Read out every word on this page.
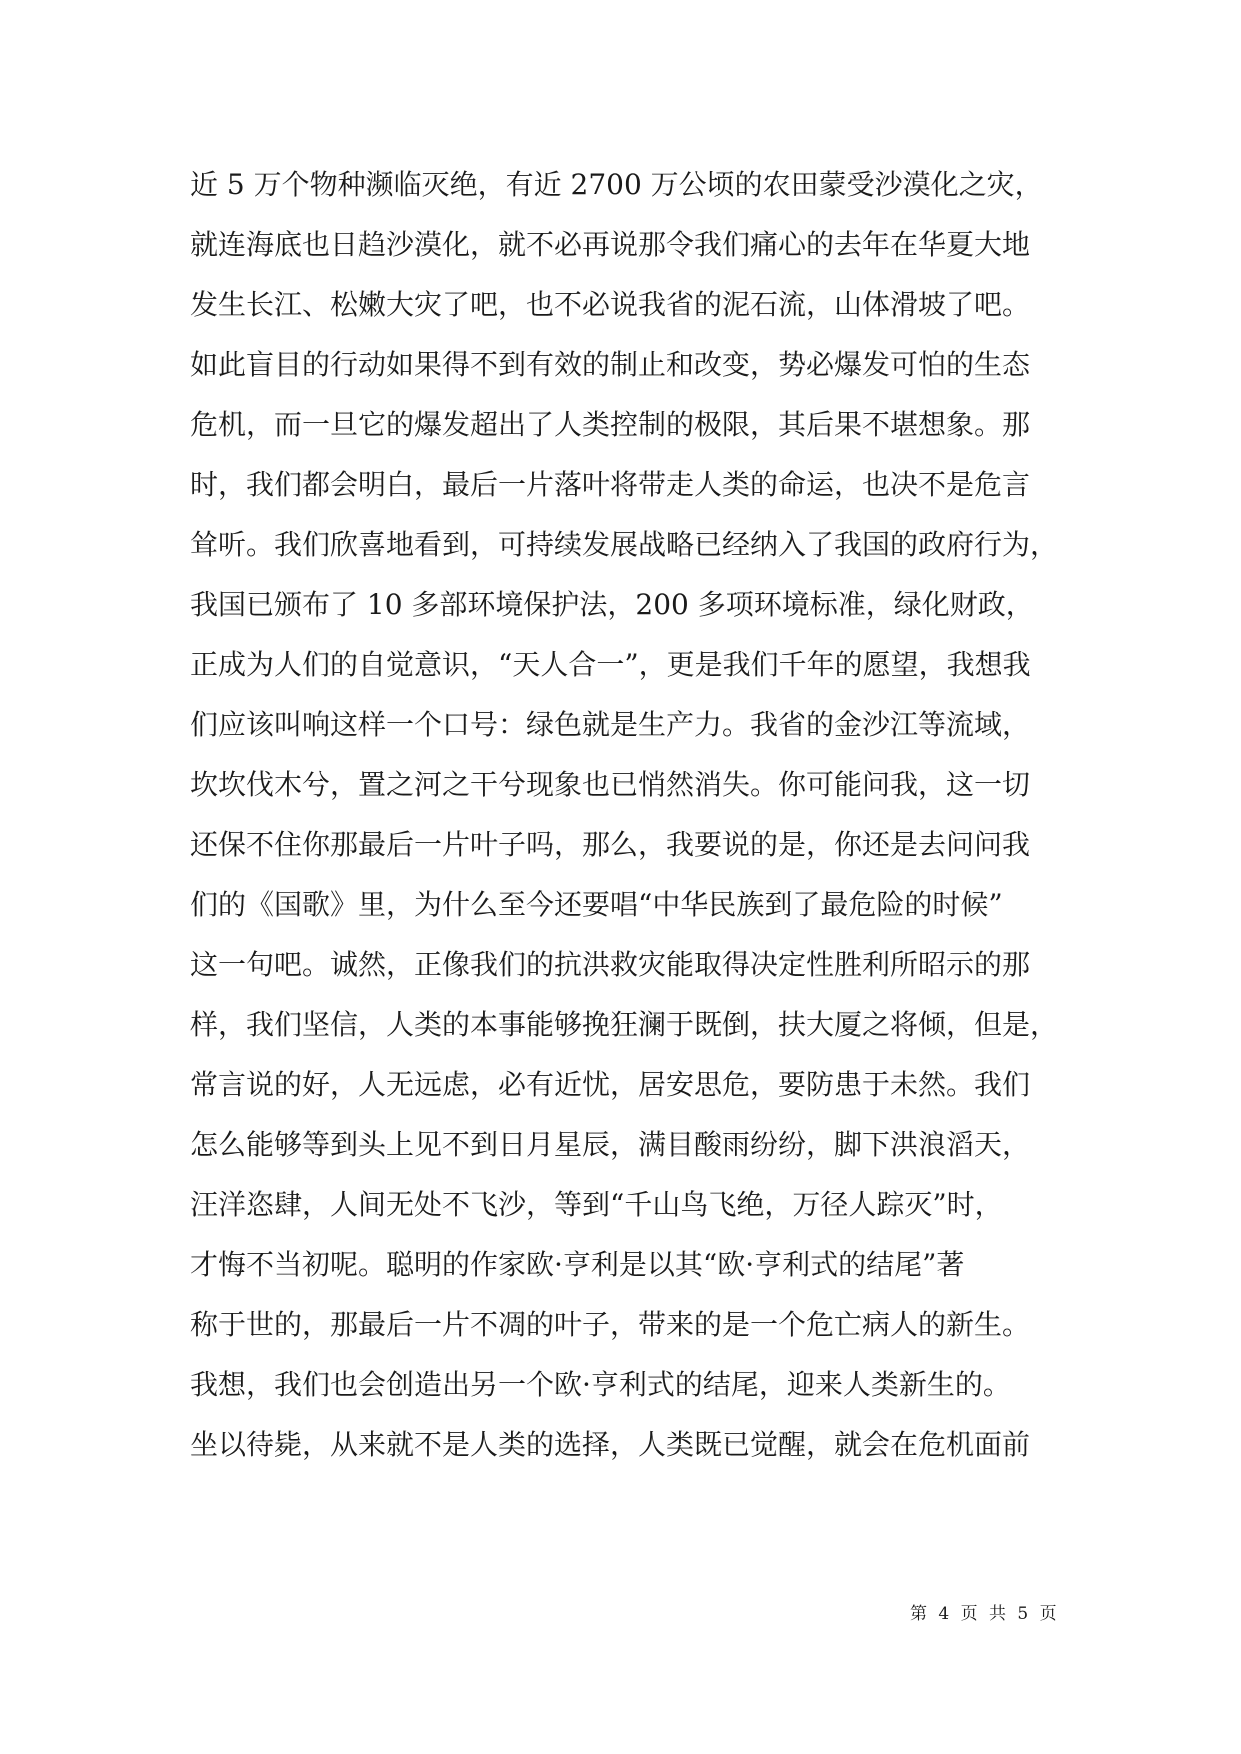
近 5 万个物种濒临灭绝，有近 2700 万公顷的农田蒙受沙漠化之灾，
就连海底也日趋沙漠化，就不必再说那令我们痛心的去年在华夏大地
发生长江、松嫩大灾了吧，也不必说我省的泥石流，山体滑坡了吧。
如此盲目的行动如果得不到有效的制止和改变，势必爆发可怕的生态
危机，而一旦它的爆发超出了人类控制的极限，其后果不堪想象。那
时，我们都会明白，最后一片落叶将带走人类的命运，也决不是危言
耸听。我们欣喜地看到，可持续发展战略已经纳入了我国的政府行为，
我国已颁布了 10 多部环境保护法，200 多项环境标准，绿化财政，
正成为人们的自觉意识，“天人合一”，更是我们千年的愿望，我想我
们应该叫响这样一个口号：绿色就是生产力。我省的金沙江等流域，
坎坎伐木兮，置之河之干兮现象也已悄然消失。你可能问我，这一切
还保不住你那最后一片叶子吗，那么，我要说的是，你还是去问问我
们的《国歌》里，为什么至今还要唱“中华民族到了最危险的时候”
这一句吧。诚然，正像我们的抗洪救灾能取得决定性胜利所昭示的那
样，我们坚信，人类的本事能够挽狂澜于既倒，扶大厦之将倾，但是，
常言说的好，人无远虑，必有近忧，居安思危，要防患于未然。我们
怎么能够等到头上见不到日月星辰，满目酸雨纷纷，脚下洪浪滔天，
汪洋恣肆，人间无处不飞沙，等到“千山鸟飞绝，万径人踪灭”时，
才悔不当初呢。聪明的作家欧·亨利是以其“欧·亨利式的结尾”著
称于世的，那最后一片不凋的叶子，带来的是一个危亡病人的新生。
我想，我们也会创造出另一个欧·亨利式的结尾，迎来人类新生的。
坐以待毙，从来就不是人类的选择，人类既已觉醒，就会在危机面前
第 4 页 共 5 页
